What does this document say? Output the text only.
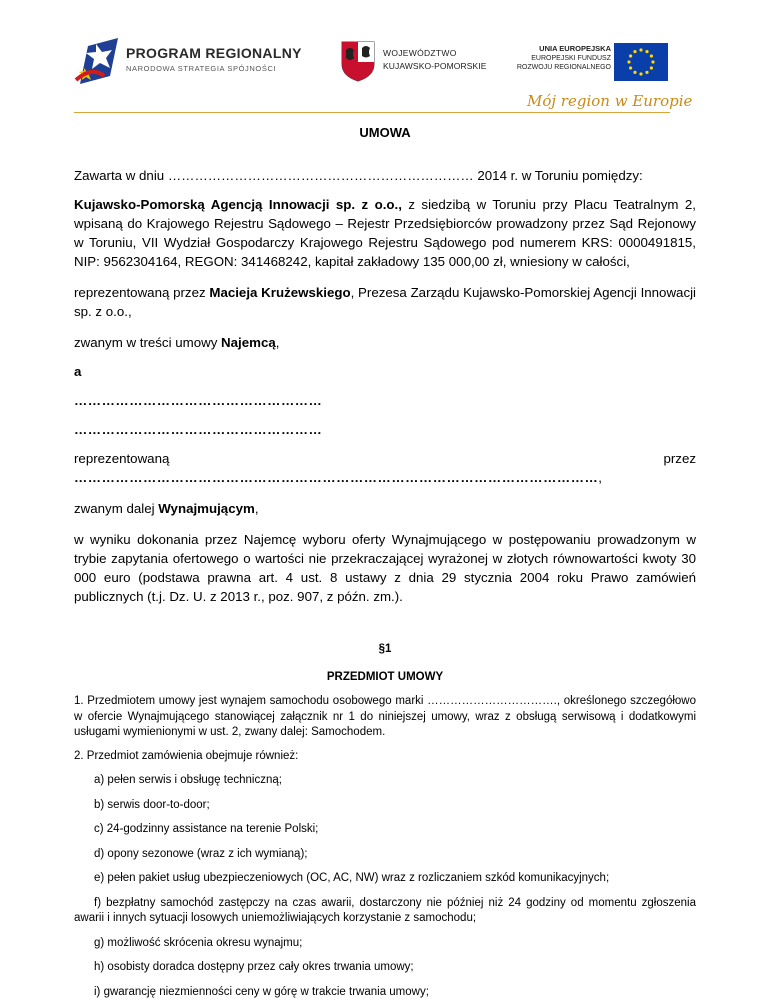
PROGRAM REGIONALNY
NARODOWA STRATEGIA SPÓJNOŚCI
WOJEWÓDZTWO
KUJAWSKO-POMORSKIE
UNIA EUROPEJSKA
EUROPEJSKI FUNDUSZ
ROZWOJU REGIONALNEGO
Mój region w Europie
UMOWA

Zawarta w dniu …………………………………………………………… 2014 r. w Toruniu pomiędzy:

Kujawsko-Pomorską Agencją Innowacji sp. z o.o., z siedzibą w Toruniu przy Placu Teatralnym 2, wpisaną do Krajowego Rejestru Sądowego – Rejestr Przedsiębiorców prowadzony przez Sąd Rejonowy w Toruniu, VII Wydział Gospodarczy Krajowego Rejestru Sądowego pod numerem KRS: 0000491815, NIP: 9562304164, REGON: 341468242, kapitał zakładowy 135 000,00 zł, wniesiony w całości,

reprezentowaną przez Macieja Krużewskiego, Prezesa Zarządu Kujawsko-Pomorskiej Agencji Innowacji sp. z o.o.,

zwanym w treści umowy Najemcą,

a

………………………………………………

………………………………………………

reprezentowaną przez ……………………………………………………………………………………………………,

zwanym dalej Wynajmującym,

w wyniku dokonania przez Najemcę wyboru oferty Wynajmującego w postępowaniu prowadzonym w trybie zapytania ofertowego o wartości nie przekraczającej wyrażonej w złotych równowartości kwoty 30 000 euro (podstawa prawna art. 4 ust. 8 ustawy z dnia 29 stycznia 2004 roku Prawo zamówień publicznych (t.j. Dz. U. z 2013 r., poz. 907, z późn. zm.).

§1
PRZEDMIOT UMOWY

1. Przedmiotem umowy jest wynajem samochodu osobowego marki ……………………………., określonego szczegółowo w ofercie Wynajmującego stanowiącej załącznik nr 1 do niniejszej umowy, wraz z obsługą serwisową i dodatkowymi usługami wymienionymi w ust. 2, zwany dalej: Samochodem.

2. Przedmiot zamówienia obejmuje również:

a) pełen serwis i obsługę techniczną;
b) serwis door-to-door;
c) 24-godzinny assistance na terenie Polski;
d) opony sezonowe (wraz z ich wymianą);
e) pełen pakiet usług ubezpieczeniowych (OC, AC, NW) wraz z rozliczaniem szkód komunikacyjnych;
f) bezpłatny samochód zastępczy na czas awarii, dostarczony nie później niż 24 godziny od momentu zgłoszenia awarii i innych sytuacji losowych uniemożliwiających korzystanie z samochodu;
g) możliwość skrócenia okresu wynajmu;
h) osobisty doradca dostępny przez cały okres trwania umowy;
i) gwarancję niezmienności ceny w górę w trakcie trwania umowy;
